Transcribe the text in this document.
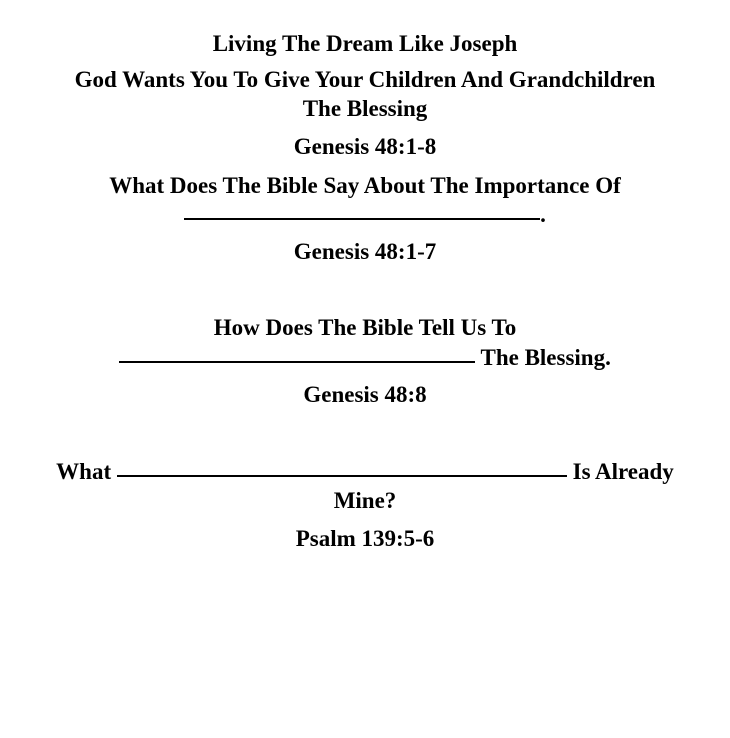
Living The Dream Like Joseph
God Wants You To Give Your Children And Grandchildren
The Blessing
Genesis 48:1-8
What Does The Bible Say About The Importance Of
.
Genesis 48:1-7
How Does The Bible Tell Us To
The Blessing.
Genesis 48:8
What	Is Already
Mine?
Psalm 139:5-6
